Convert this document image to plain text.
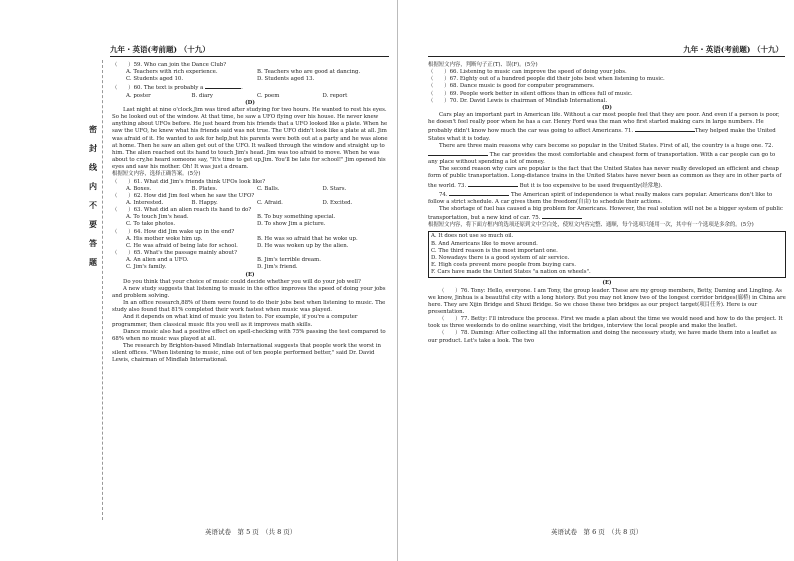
九年・英语(考前题) （十九）
密
封
线
内
不
要
答
题

（　　）59. Who can join the Dance Club?

A. Teachers with rich experience.	B. Teachers who are good at dancing.
C. Students aged 10.	D. Students aged 13.

（　　）60. The text is probably a	.

A. poster	B. diary	C. poem	D. report

(D)

Last night at nine o'clock,Jim was tired after studying for two hours. He wanted to rest his eyes. So he looked out of the window. At that time, he saw a UFO flying over his house. He never knew anything about UFOs before. He just heard from his friends that a UFO looked like a plate. When he saw the UFO, he knew what his friends said was not true. The UFO didn't look like a plate at all. Jim was afraid of it. He wanted to ask for help,but his parents were both out at a party and he was alone at home. Then he saw an alien get out of the UFO. It walked through the window and straight up to him. The alien reached out its hand to touch Jim's head. Jim was too afraid to move. When he was about to cry,he heard someone say, "It's time to get up,Jim. You'll be late for school!" Jim opened his eyes and saw his mother. Oh! It was just a dream.

根据短文内容，选择正确答案。(5分)

（　　）61. What did Jim's friends think UFOs look like?

A. Boxes.	B. Plates.	C. Balls.	D. Stars.

（　　）62. How did Jim feel when he saw the UFO?

A. Interested.	B. Happy.	C. Afraid.	D. Excited.

（　　）63. What did an alien reach its hand to do?

A. To touch Jim's head.	B. To buy something special.
C. To take photos.	D. To show Jim a picture.

（　　）64. How did Jim wake up in the end?

A. His mother woke him up.	B. He was so afraid that he woke up.
C. He was afraid of being late for school.	D. He was woken up by the alien.

（　　）65. What's the passage mainly about?

A. An alien and a UFO.	B. Jim's terrible dream.
C. Jim's family.	D. Jim's friend.

(E)

Do you think that your choice of music could decide whether you will do your job well?

A new study suggests that listening to music in the office improves the speed of doing your jobs and problem solving.

In an office research,88% of them were found to do their jobs best when listening to music. The study also found that 81% completed their work fastest when music was played.

And it depends on what kind of music you listen to. For example, if you're a computer programmer, then classical music fits you well as it improves math skills.

Dance music also had a positive effect on spell-checking with 75% passing the test compared to 68% when no music was played at all.

The research by Brighton-based Mindlab International suggests that people work the worst in silent offices. "When listening to music, nine out of ten people performed better," said Dr. David Lewis, chairman of Mindlab International.

英语试卷　第 5 页　（共 8 页）
九年・英语(考前题) （十九）

根据短文内容，判断句子正(T)、误(F)。(5分)

（　　）66. Listening to music can improve the speed of doing your jobs.

（　　）67. Eighty out of a hundred people did their jobs best when listening to music.

（　　）68. Dance music is good for computer programmers.

（　　）69. People work better in silent offices than in offices full of music.

（　　）70. Dr. David Lewis is chairman of Mindlab International.

(D)

Cars play an important part in American life. Without a car most people feel that they are poor. And even if a person is poor, he doesn't feel really poor when he has a car. Henry Ford was the man who first started making cars in large numbers. He probably didn't know how much the car was going to affect Americans. 71.	They helped make the United States what it is today.

There are three main reasons why cars become so popular in the United States. First of all, the country is a huge one. 72.  The car provides the most comfortable and cheapest form of transportation. With a car people can go to any place without spending a lot of money.

The second reason why cars are popular is the fact that the United States has never really developed an efficient and cheap form of public transportation. Long-distance trains in the United States have never been as common as they are in other parts of the world. 73.	But it is too expensive to be used frequently(经常地).

74.	The American spirit of independence is what really makes cars popular. Americans don't like to follow a strict schedule. A car gives them the freedom(自由) to schedule their actions.

The shortage of fuel has caused a big problem for Americans. However, the real solution will not be a bigger system of public transportation, but a new kind of car. 75.

根据短文内容，将下面方框内的选项还原到文中空白处，使短文内容完整、通顺，每个选项只能用一次，其中有一个选项是多余的。(5分)

A. It does not use so much oil.

B. And Americans like to move around.

C. The third reason is the most important one.

D. Nowadays there is a good system of air service.

E. High costs prevent more people from buying cars.

F. Cars have made the United States "a nation on wheels".

(E)

（　　）76. Tony: Hello, everyone. I am Tony, the group leader. These are my group members, Betty, Daming and Lingling. As we know, Jinhua is a beautiful city with a long history. But you may not know two of the longest corridor bridges(廊桥) in China are here. They are Xijin Bridge and Shuxi Bridge. So we chose these two bridges as our project target(项目任务). Here is our presentation.

（　　）77. Betty: I'll introduce the process. First we made a plan about the time we would need and how to do the project. It took us three weekends to do online searching, visit the bridges, interview the local people and make the leaflet.

（　　）78. Daming: After collecting all the information and doing the necessary study, we have made them into a leaflet as our product. Let's take a look. The two

英语试卷　第 6 页　（共 8 页）
